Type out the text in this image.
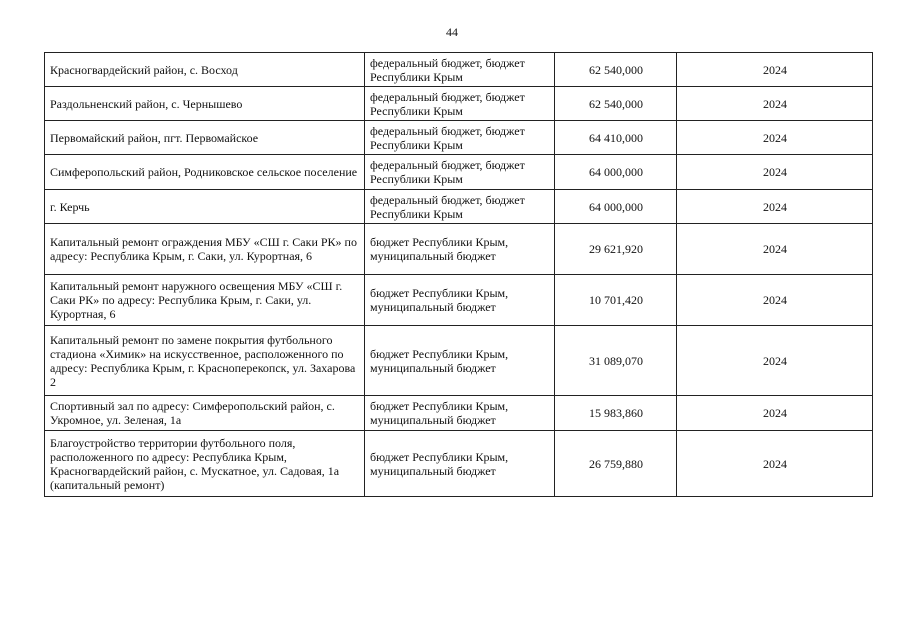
44
Красногвардейский район, с. Восход	федеральный бюджет, бюджет Республики Крым	62 540,000	2024
Раздольненский район, с. Чернышево	федеральный бюджет, бюджет Республики Крым	62 540,000	2024
Первомайский район, пгт. Первомайское	федеральный бюджет, бюджет Республики Крым	64 410,000	2024
Симферопольский район, Родниковское сельское поселение	федеральный бюджет, бюджет Республики Крым	64 000,000	2024
г. Керчь	федеральный бюджет, бюджет Республики Крым	64 000,000	2024
Капитальный ремонт ограждения МБУ «СШ г. Саки РК» по адресу: Республика Крым, г. Саки, ул. Курортная, 6	бюджет Республики Крым, муниципальный бюджет	29 621,920	2024
Капитальный ремонт наружного освещения МБУ «СШ г. Саки РК» по адресу: Республика Крым, г. Саки, ул. Курортная, 6	бюджет Республики Крым, муниципальный бюджет	10 701,420	2024
Капитальный ремонт по замене покрытия футбольного стадиона «Химик» на искусственное, расположенного по адресу: Республика Крым, г. Красноперекопск, ул. Захарова 2	бюджет Республики Крым, муниципальный бюджет	31 089,070	2024
Спортивный зал по адресу: Симферопольский район, с. Укромное, ул. Зеленая, 1а	бюджет Республики Крым, муниципальный бюджет	15 983,860	2024
Благоустройство территории футбольного поля, расположенного по адресу: Республика Крым, Красногвардейский район, с. Мускатное, ул. Садовая, 1а (капитальный ремонт)	бюджет Республики Крым, муниципальный бюджет	26 759,880	2024
